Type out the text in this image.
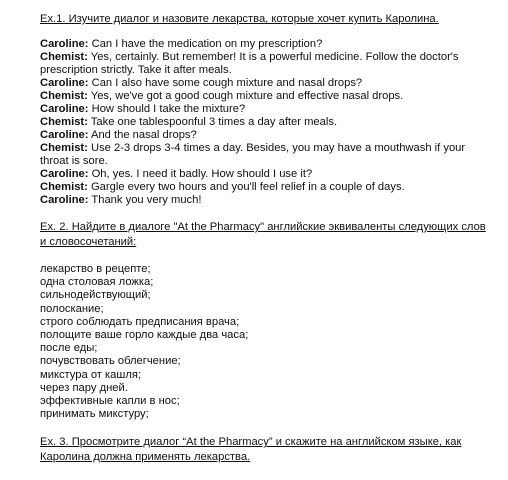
Ex.1. Изучите диалог и назовите лекарства, которые хочет купить Каролина.
Caroline: Can I have the medication on my prescription?
Chemist: Yes, certainly. But remember! It is a powerful medicine. Follow the doctor's prescription strictly. Take it after meals.
Caroline: Can I also have some cough mixture and nasal drops?
Chemist: Yes, we've got a good cough mixture and effective nasal drops.
Caroline: How should I take the mixture?
Chemist: Take one tablespoonful 3 times a day after meals.
Caroline: And the nasal drops?
Chemist: Use 2-3 drops 3-4 times a day. Besides, you may have a mouthwash if your throat is sore.
Caroline: Oh, yes. I need it badly. How should I use it?
Chemist: Gargle every two hours and you'll feel relief in a couple of days.
Caroline: Thank you very much!
Ex. 2. Найдите в диалоге "At the Pharmacy" английские эквиваленты следующих слов и словосочетаний:
лекарство в рецепте;
одна столовая ложка;
сильнодействующий;
полоскание;
строго соблюдать предписания врача;
полощите ваше горло каждые два часа;
после еды;
почувствовать облегчение;
микстура от кашля;
через пару дней.
эффективные капли в нос;
принимать микстуру;
Ex. 3. Просмотрите диалог “At the Pharmacy” и скажите на английском языке, как Каролина должна применять лекарства.
